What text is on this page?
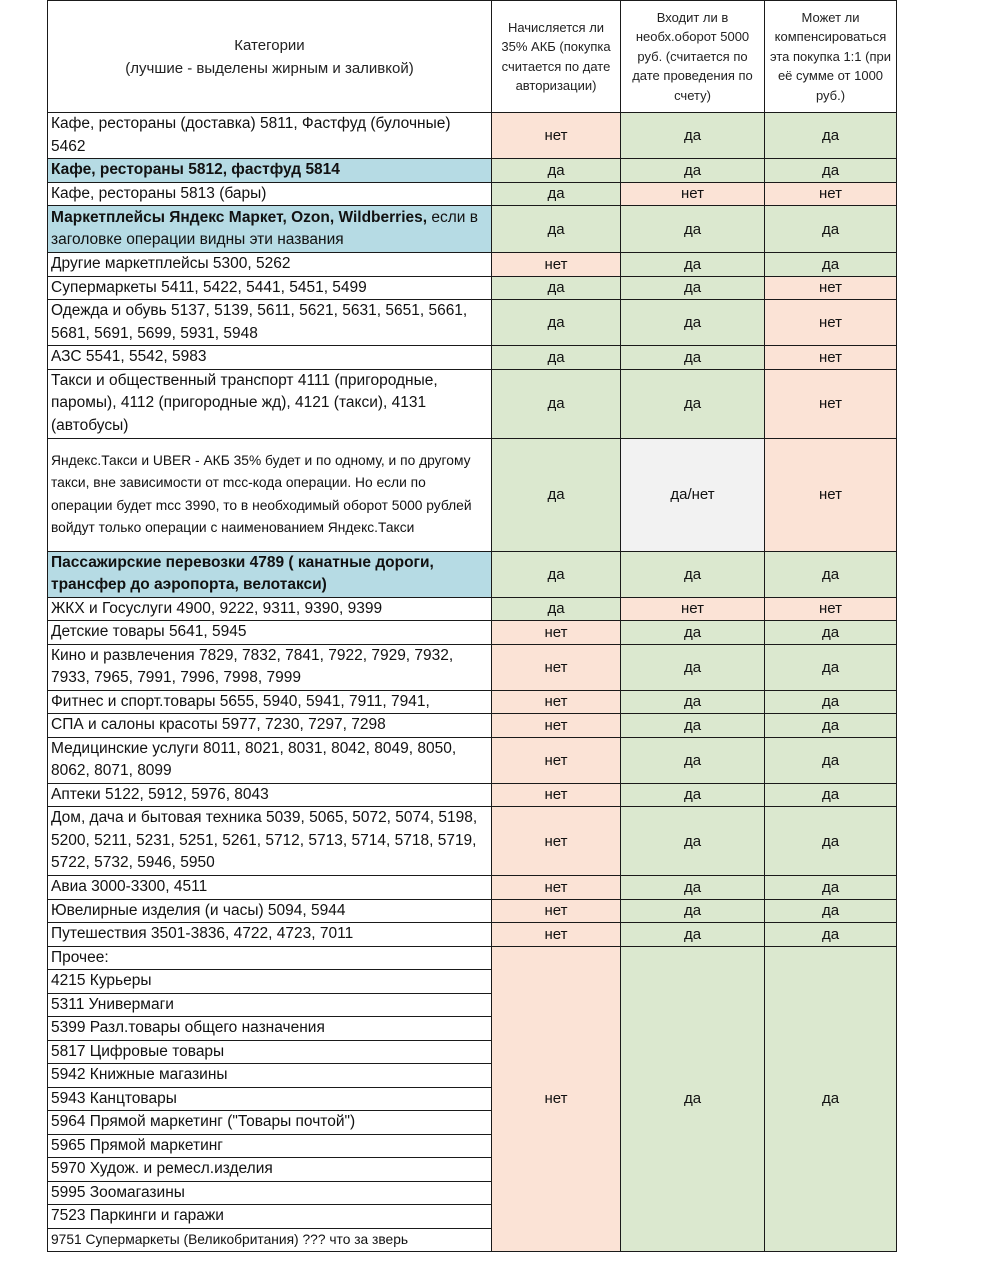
Категории
(лучшие - выделены жирным и заливкой)	Начисляется ли 35% АКБ (покупка считается по дате авторизации)	Входит ли в необх.оборот 5000 руб. (считается по дате проведения по счету)	Может ли компенсироваться эта покупка 1:1 (при её сумме от 1000 руб.)
Кафе, рестораны (доставка) 5811, Фастфуд (булочные) 5462	нет	да	да
Кафе, рестораны 5812, фастфуд 5814	да	да	да
Кафе, рестораны 5813 (бары)	да	нет	нет
Маркетплейсы Яндекс Маркет, Ozon, Wildberries, если в заголовке операции видны эти названия	да	да	да
Другие маркетплейсы 5300, 5262	нет	да	да
Супермаркеты 5411, 5422, 5441, 5451, 5499	да	да	нет
Одежда и обувь 5137, 5139, 5611, 5621, 5631, 5651, 5661, 5681, 5691, 5699, 5931, 5948	да	да	нет
АЗС 5541, 5542, 5983	да	да	нет
Такси и общественный транспорт 4111 (пригородные, паромы), 4112 (пригородные жд), 4121 (такси), 4131 (автобусы)	да	да	нет
Яндекс.Такси и UBER - АКБ 35% будет и по одному, и по другому такси, вне зависимости от mcc-кода операции. Но если по операции будет mcc 3990, то в необходимый оборот 5000 рублей войдут только операции с наименованием Яндекс.Такси	да	да/нет	нет
Пассажирские перевозки 4789 ( канатные дороги, трансфер до аэропорта, велотакси)	да	да	да
ЖКХ и Госуслуги 4900, 9222, 9311, 9390, 9399	да	нет	нет
Детские товары 5641, 5945	нет	да	да
Кино и развлечения 7829, 7832, 7841, 7922, 7929, 7932, 7933, 7965, 7991, 7996, 7998, 7999	нет	да	да
Фитнес и спорт.товары 5655, 5940, 5941, 7911, 7941,	нет	да	да
СПА и салоны красоты 5977, 7230, 7297, 7298	нет	да	да
Медицинские услуги 8011, 8021, 8031, 8042, 8049, 8050, 8062, 8071, 8099	нет	да	да
Аптеки 5122, 5912, 5976, 8043	нет	да	да
Дом, дача и бытовая техника 5039, 5065, 5072, 5074, 5198, 5200, 5211, 5231, 5251, 5261, 5712, 5713, 5714, 5718, 5719, 5722, 5732, 5946, 5950	нет	да	да
Авиа 3000-3300, 4511	нет	да	да
Ювелирные изделия (и часы) 5094, 5944	нет	да	да
Путешествия 3501-3836, 4722, 4723, 7011	нет	да	да
Прочее:	нет	да	да
4215 Курьеры			
5311 Универмаги			
5399 Разл.товары общего назначения			
5817 Цифровые товары			
5942 Книжные магазины			
5943 Канцтовары			
5964 Прямой маркетинг ("Товары почтой")			
5965 Прямой маркетинг			
5970 Худож. и ремесл.изделия			
5995 Зоомагазины			
7523 Паркинги и гаражи			
9751 Супермаркеты (Великобритания) ??? что за зверь			
